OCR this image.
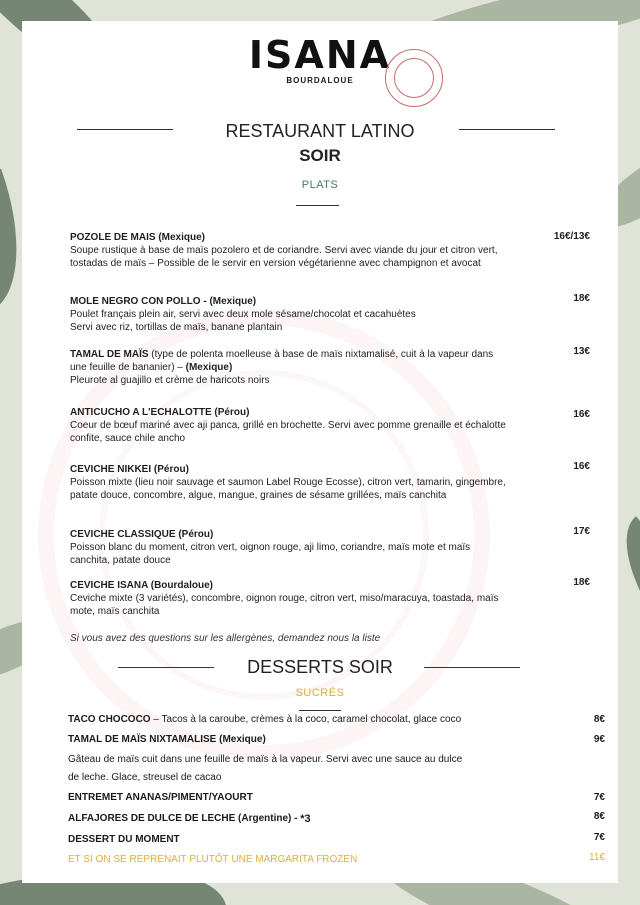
ISANA
BOURDALOUE
RESTAURANT LATINO
SOIR
PLATS
POZOLE DE MAIS (Mexique)
Soupe rustique à base de maïs pozolero et de coriandre. Servi avec viande du jour et citron vert, tostadas de maïs – Possible de le servir en version végétarienne avec champignon et avocat
16€/13€
MOLE NEGRO CON POLLO - (Mexique)
Poulet français plein air, servi avec deux mole sésame/chocolat et cacahuètes
Servi avec riz, tortillas de maïs, banane plantain
18€
TAMAL DE MAÏS (type de polenta moelleuse à base de maïs nixtamalisé, cuit à la vapeur dans une feuille de bananier) – (Mexique)
Pleurote al guajillo et crème de haricots noirs
13€
ANTICUCHO A L'ECHALOTTE (Pérou)
Coeur de bœuf mariné avec aji panca, grillé en brochette. Servi avec pomme grenaille et échalotte confite, sauce chile ancho
16€
CEVICHE NIKKEI (Pérou)
Poisson mixte (lieu noir sauvage et saumon Label Rouge Ecosse), citron vert, tamarin, gingembre, patate douce, concombre, algue, mangue, graines de sésame grillées, maïs canchita
16€
CEVICHE CLASSIQUE (Pérou)
Poisson blanc du moment, citron vert, oignon rouge, aji limo, coriandre, maïs mote et maïs canchita, patate douce
17€
CEVICHE ISANA (Bourdaloue)
Ceviche mixte (3 variétés), concombre, oignon rouge, citron vert, miso/maracuya, toastada, maïs mote, maïs canchita
18€
Si vous avez des questions sur les allergènes, demandez nous la liste
DESSERTS SOIR
SUCRÉS
TACO CHOCOCO – Tacos à la caroube, crèmes à la coco, caramel chocolat, glace coco	8€
TAMAL DE MAÏS NIXTAMALISE (Mexique)	9€
Gâteau de maïs cuit dans une feuille de maïs à la vapeur. Servi avec une sauce au dulce
de leche. Glace, streusel de cacao
ENTREMET ANANAS/PIMENT/YAOURT	7€
ALFAJORES DE DULCE DE LECHE (Argentine) - *3	8€
DESSERT DU MOMENT	7€
ET SI ON SE REPRENAIT PLUTÔT UNE MARGARITA FROZEN	11€
